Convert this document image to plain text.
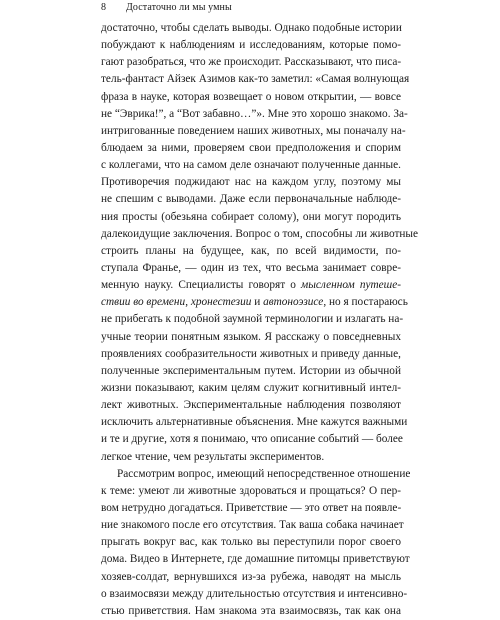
8 Достаточно ли мы умны
достаточно, чтобы сделать выводы. Однако подобные истории
побуждают к наблюдениям и исследованиям, которые помо-
гают разобраться, что же происходит. Рассказывают, что писа-
тель-фантаст Айзек Азимов как-то заметил: «Самая волнующая
фраза в науке, которая возвещает о новом открытии, — вовсе
не “Эврика!”, а “Вот забавно…”». Мне это хорошо знакомо. За-
интригованные поведением наших животных, мы поначалу на-
блюдаем за ними, проверяем свои предположения и спорим
с коллегами, что на самом деле означают полученные данные.
Противоречия поджидают нас на каждом углу, поэтому мы
не спешим с выводами. Даже если первоначальные наблюде-
ния просты (обезьяна собирает солому), они могут породить
далекоидущие заключения. Вопрос о том, способны ли животные
строить планы на будущее, как, по всей видимости, по-
ступала Франье, — один из тех, что весьма занимает совре-
менную науку. Специалисты говорят о мысленном путеше-
ствии во времени, хронестезии и автоноэзисе, но я постараюсь
не прибегать к подобной заумной терминологии и излагать на-
учные теории понятным языком. Я расскажу о повседневных
проявлениях сообразительности животных и приведу данные,
полученные экспериментальным путем. Истории из обычной
жизни показывают, каким целям служит когнитивный интел-
лект животных. Экспериментальные наблюдения позволяют
исключить альтернативные объяснения. Мне кажутся важными
и те и другие, хотя я понимаю, что описание событий — более
легкое чтение, чем результаты экспериментов.
Рассмотрим вопрос, имеющий непосредственное отношение
к теме: умеют ли животные здороваться и прощаться? О пер-
вом нетрудно догадаться. Приветствие — это ответ на появле-
ние знакомого после его отсутствия. Так ваша собака начинает
прыгать вокруг вас, как только вы переступили порог своего
дома. Видео в Интернете, где домашние питомцы приветствуют
хозяев-солдат, вернувшихся из-за рубежа, наводят на мысль
о взаимосвязи между длительностью отсутствия и интенсивно-
стью приветствия. Нам знакома эта взаимосвязь, так как она
